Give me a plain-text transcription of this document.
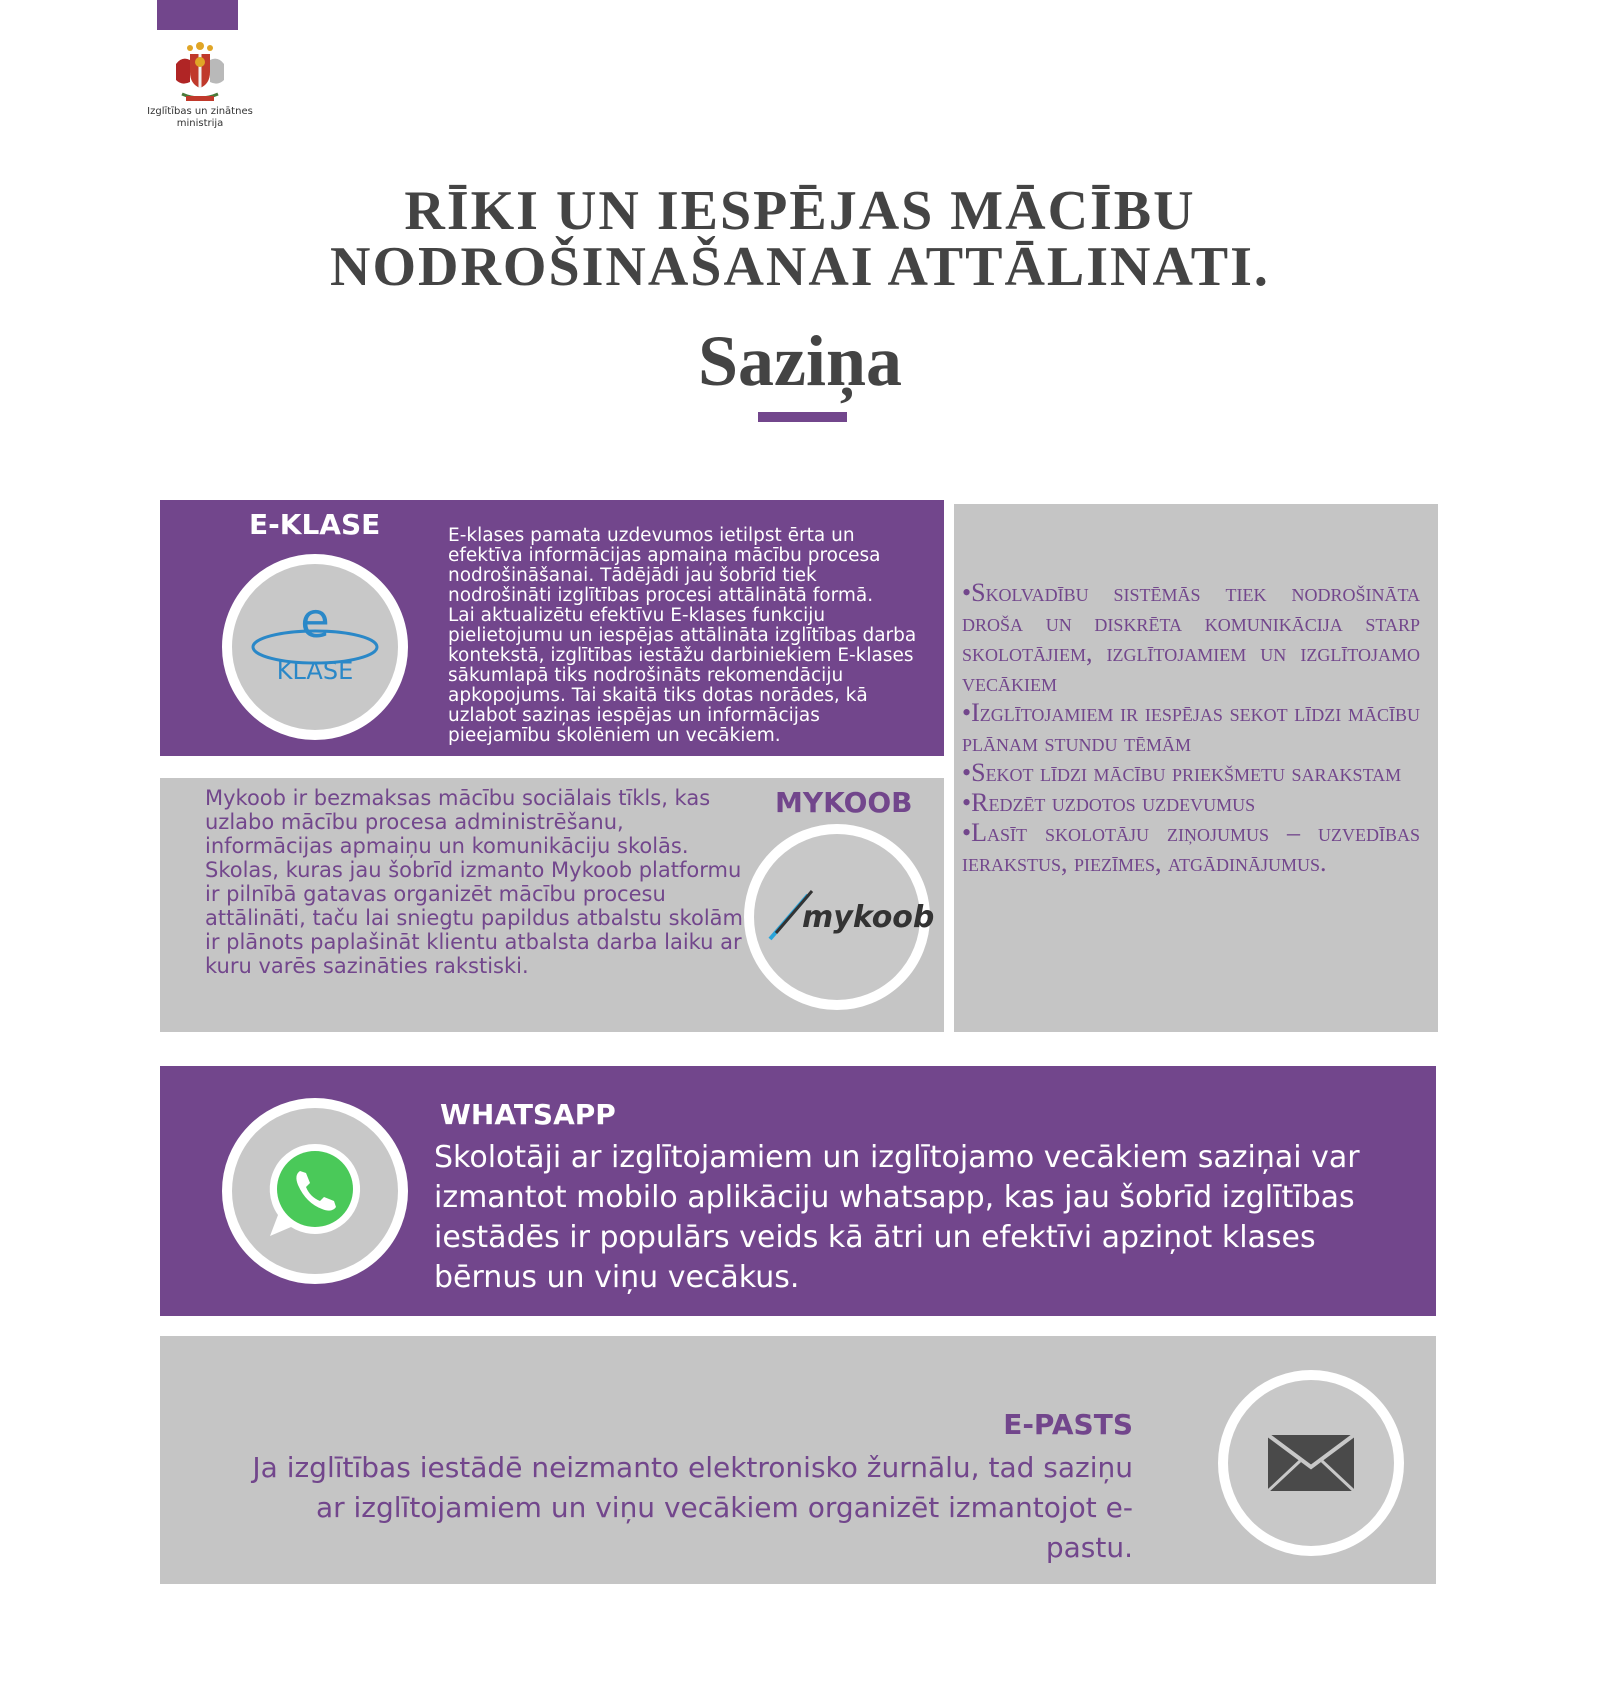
Izglītības un zinātnes
ministrija
RĪKI UN IESPĒJAS MĀCĪBU
NODROŠINAŠANAI ATTĀLINATI.
Saziņa
E-KLASE
e
KLASE
E-klases pamata uzdevumos ietilpst ērta un efektīva informācijas apmaiņa mācību procesa nodrošināšanai. Tādējādi jau šobrīd tiek nodrošināti izglītības procesi attālinātā formā.
Lai aktualizētu efektīvu E-klases funkciju pielietojumu un iespējas attālināta izglītības darba kontekstā, izglītības iestāžu darbiniekiem E-klases sākumlapā tiks nodrošināts rekomendāciju apkopojums. Tai skaitā tiks dotas norādes, kā uzlabot saziņas iespējas un informācijas pieejamību skolēniem un vecākiem.
Mykoob ir bezmaksas mācību sociālais tīkls, kas uzlabo mācību procesa administrēšanu, informācijas apmaiņu un komunikāciju skolās. Skolas, kuras jau šobrīd izmanto Mykoob platformu ir pilnībā gatavas organizēt mācību procesu attālināti, taču lai sniegtu papildus atbalstu skolām ir plānots paplašināt klientu atbalsta darba laiku ar kuru varēs sazināties rakstiski.
MYKOOB
mykoob

•Skolvadību sistēmās tiek nodrošināta droša un diskrēta komunikācija starp skolotājiem, izglītojamiem un izglītojamo vecākiem

•Izglītojamiem ir iespējas sekot līdzi mācību plānam stundu tēmām

•Sekot līdzi mācību priekšmetu sarakstam

•Redzēt uzdotos uzdevumus

•Lasīt skolotāju ziņojumus – uzvedības ierakstus, piezīmes, atgādinājumus.

WHATSAPP
Skolotāji ar izglītojamiem un izglītojamo vecākiem saziņai var izmantot mobilo aplikāciju whatsapp, kas jau šobrīd izglītības iestādēs ir populārs veids kā ātri un efektīvi apziņot klases bērnus un viņu vecākus.
E-PASTS
Ja izglītības iestādē neizmanto elektronisko žurnālu, tad saziņu ar izglītojamiem un viņu vecākiem organizēt izmantojot e-pastu.
